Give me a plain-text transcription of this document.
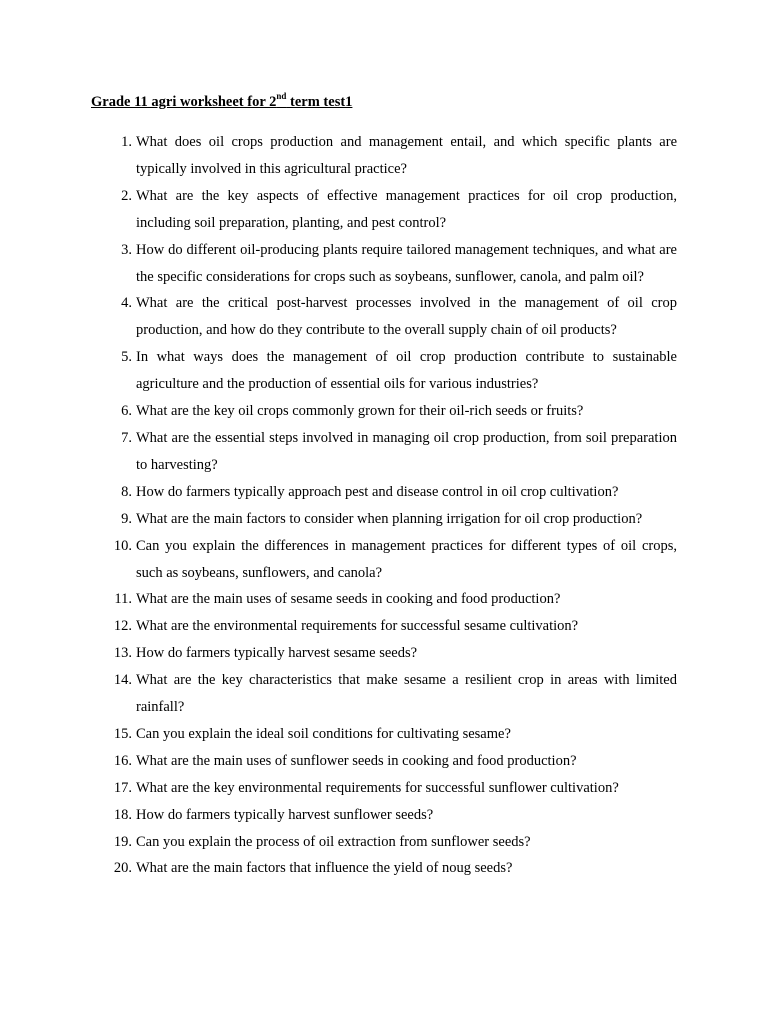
Grade 11 agri worksheet for 2nd term test1
1. What does oil crops production and management entail, and which specific plants are typically involved in this agricultural practice?
2. What are the key aspects of effective management practices for oil crop production, including soil preparation, planting, and pest control?
3. How do different oil-producing plants require tailored management techniques, and what are the specific considerations for crops such as soybeans, sunflower, canola, and palm oil?
4. What are the critical post-harvest processes involved in the management of oil crop production, and how do they contribute to the overall supply chain of oil products?
5. In what ways does the management of oil crop production contribute to sustainable agriculture and the production of essential oils for various industries?
6. What are the key oil crops commonly grown for their oil-rich seeds or fruits?
7. What are the essential steps involved in managing oil crop production, from soil preparation to harvesting?
8. How do farmers typically approach pest and disease control in oil crop cultivation?
9. What are the main factors to consider when planning irrigation for oil crop production?
10. Can you explain the differences in management practices for different types of oil crops, such as soybeans, sunflowers, and canola?
11. What are the main uses of sesame seeds in cooking and food production?
12. What are the environmental requirements for successful sesame cultivation?
13. How do farmers typically harvest sesame seeds?
14. What are the key characteristics that make sesame a resilient crop in areas with limited rainfall?
15. Can you explain the ideal soil conditions for cultivating sesame?
16. What are the main uses of sunflower seeds in cooking and food production?
17. What are the key environmental requirements for successful sunflower cultivation?
18. How do farmers typically harvest sunflower seeds?
19. Can you explain the process of oil extraction from sunflower seeds?
20. What are the main factors that influence the yield of noug seeds?
